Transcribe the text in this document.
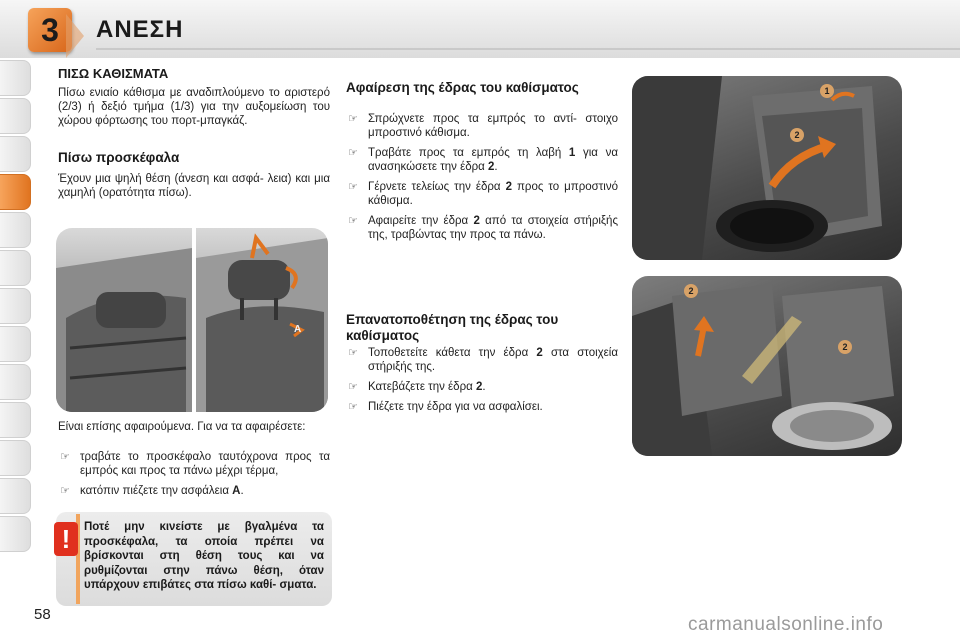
3	ΑΝΕΣΗ
ΠΙΣΩ ΚΑΘΙΣΜΑΤΑ
Πίσω ενιαίο κάθισμα με αναδιπλούμενο το αριστερό (2/3) ή δεξιό τμήμα (1/3) για την αυξομείωση του χώρου φόρτωσης του πορτ-μπαγκάζ.
Πίσω προσκέφαλα
Έχουν μια ψηλή θέση (άνεση και ασφά- λεια) και μια χαμηλή (ορατότητα πίσω).
A
Είναι επίσης αφαιρούμενα. Για να τα αφαιρέσετε:
☞ τραβάτε το προσκέφαλο ταυτόχρονα προς τα εμπρός και προς τα πάνω μέχρι τέρμα,
☞ κατόπιν πιέζετε την ασφάλεια A.
!	Ποτέ μην κινείστε με βγαλμένα τα προσκέφαλα, τα οποία πρέπει να βρίσκονται στη θέση τους και να ρυθμίζονται στην πάνω θέση, όταν υπάρχουν επιβάτες στα πίσω καθί- σματα.
Αφαίρεση της έδρας του καθίσματος
☞ Σπρώχνετε προς τα εμπρός το αντί- στοιχο μπροστινό κάθισμα.
☞ Τραβάτε προς τα εμπρός τη λαβή 1 για να ανασηκώσετε την έδρα 2.
☞ Γέρνετε τελείως την έδρα 2 προς το μπροστινό κάθισμα.
☞ Αφαιρείτε την έδρα 2 από τα στοιχεία στήριξής της, τραβώντας την προς τα πάνω.
Επανατοποθέτηση της έδρας του καθίσματος
☞ Τοποθετείτε κάθετα την έδρα 2 στα στοιχεία στήριξής της.
☞ Κατεβάζετε την έδρα 2.
☞ Πιέζετε την έδρα για να ασφαλίσει.
1
2
2
2
58	carmanualsonline.info
